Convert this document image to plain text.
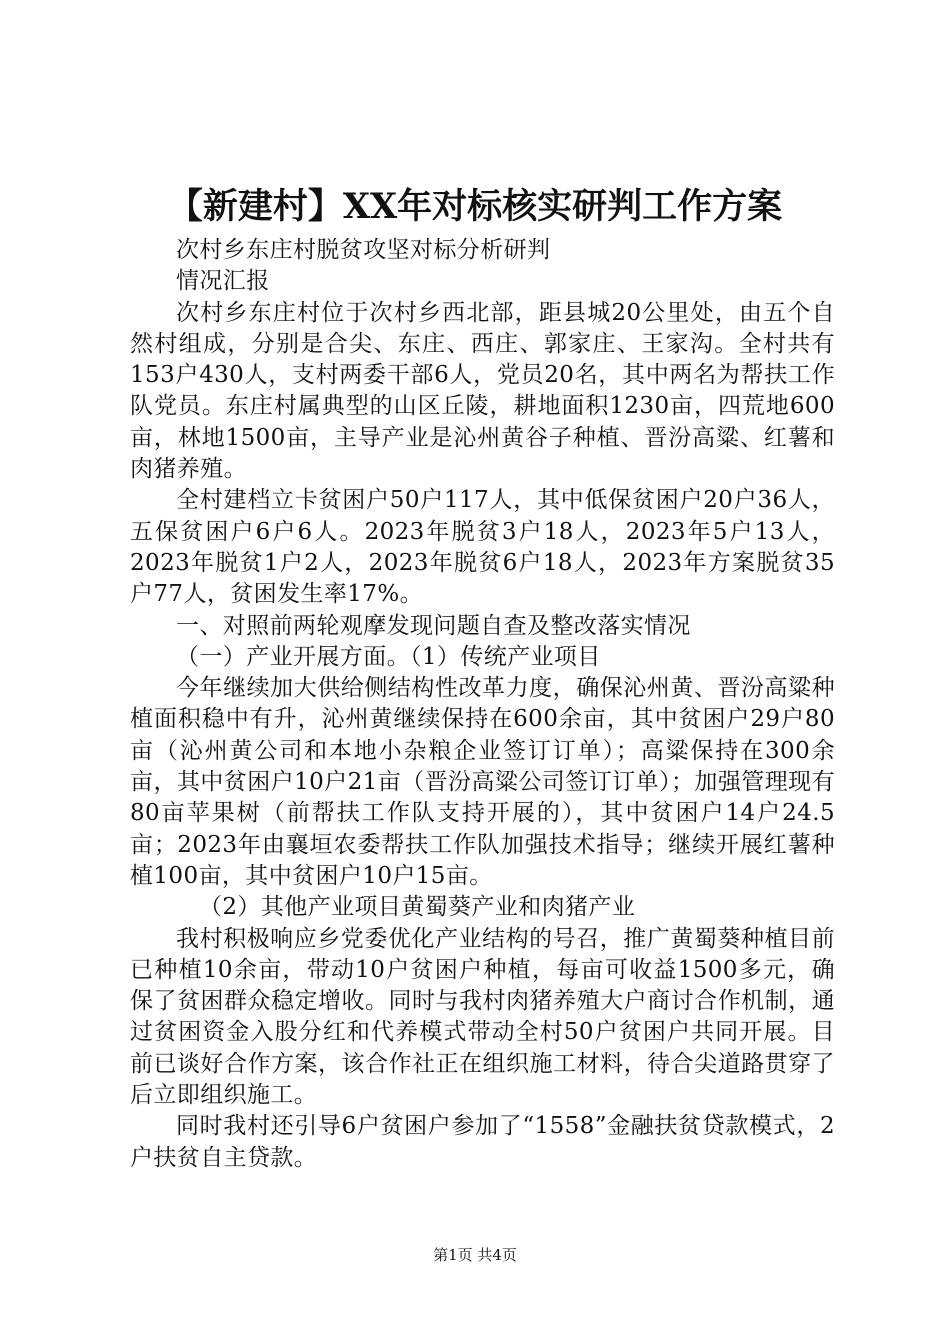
【新建村】XX年对标核实研判工作方案

次村乡东庄村脱贫攻坚对标分析研判

情况汇报

次村乡东庄村位于次村乡西北部，距县城20公里处，由五个自然村组成，分别是合尖、东庄、西庄、郭家庄、王家沟。全村共有153户430人，支村两委干部6人，党员20名，其中两名为帮扶工作队党员。东庄村属典型的山区丘陵，耕地面积1230亩，四荒地600亩，林地1500亩，主导产业是沁州黄谷子种植、晋汾高粱、红薯和肉猪养殖。

全村建档立卡贫困户50户117人，其中低保贫困户20户36人，五保贫困户6户6人。2023年脱贫3户18人，2023年5户13人，2023年脱贫1户2人，2023年脱贫6户18人，2023年方案脱贫35户77人，贫困发生率17%。

一、对照前两轮观摩发现问题自查及整改落实情况

（一）产业开展方面。（1）传统产业项目

今年继续加大供给侧结构性改革力度，确保沁州黄、晋汾高粱种植面积稳中有升，沁州黄继续保持在600余亩，其中贫困户29户80亩（沁州黄公司和本地小杂粮企业签订订单）；高粱保持在300余亩，其中贫困户10户21亩（晋汾高粱公司签订订单）；加强管理现有80亩苹果树（前帮扶工作队支持开展的），其中贫困户14户24.5亩；2023年由襄垣农委帮扶工作队加强技术指导；继续开展红薯种植100亩，其中贫困户10户15亩。

（2）其他产业项目黄蜀葵产业和肉猪产业

我村积极响应乡党委优化产业结构的号召，推广黄蜀葵种植目前已种植10余亩，带动10户贫困户种植，每亩可收益1500多元，确保了贫困群众稳定增收。同时与我村肉猪养殖大户商讨合作机制，通过贫困资金入股分红和代养模式带动全村50户贫困户共同开展。目前已谈好合作方案，该合作社正在组织施工材料，待合尖道路贯穿了后立即组织施工。

同时我村还引导6户贫困户参加了“1558”金融扶贫贷款模式，2户扶贫自主贷款。

第1页 共4页
